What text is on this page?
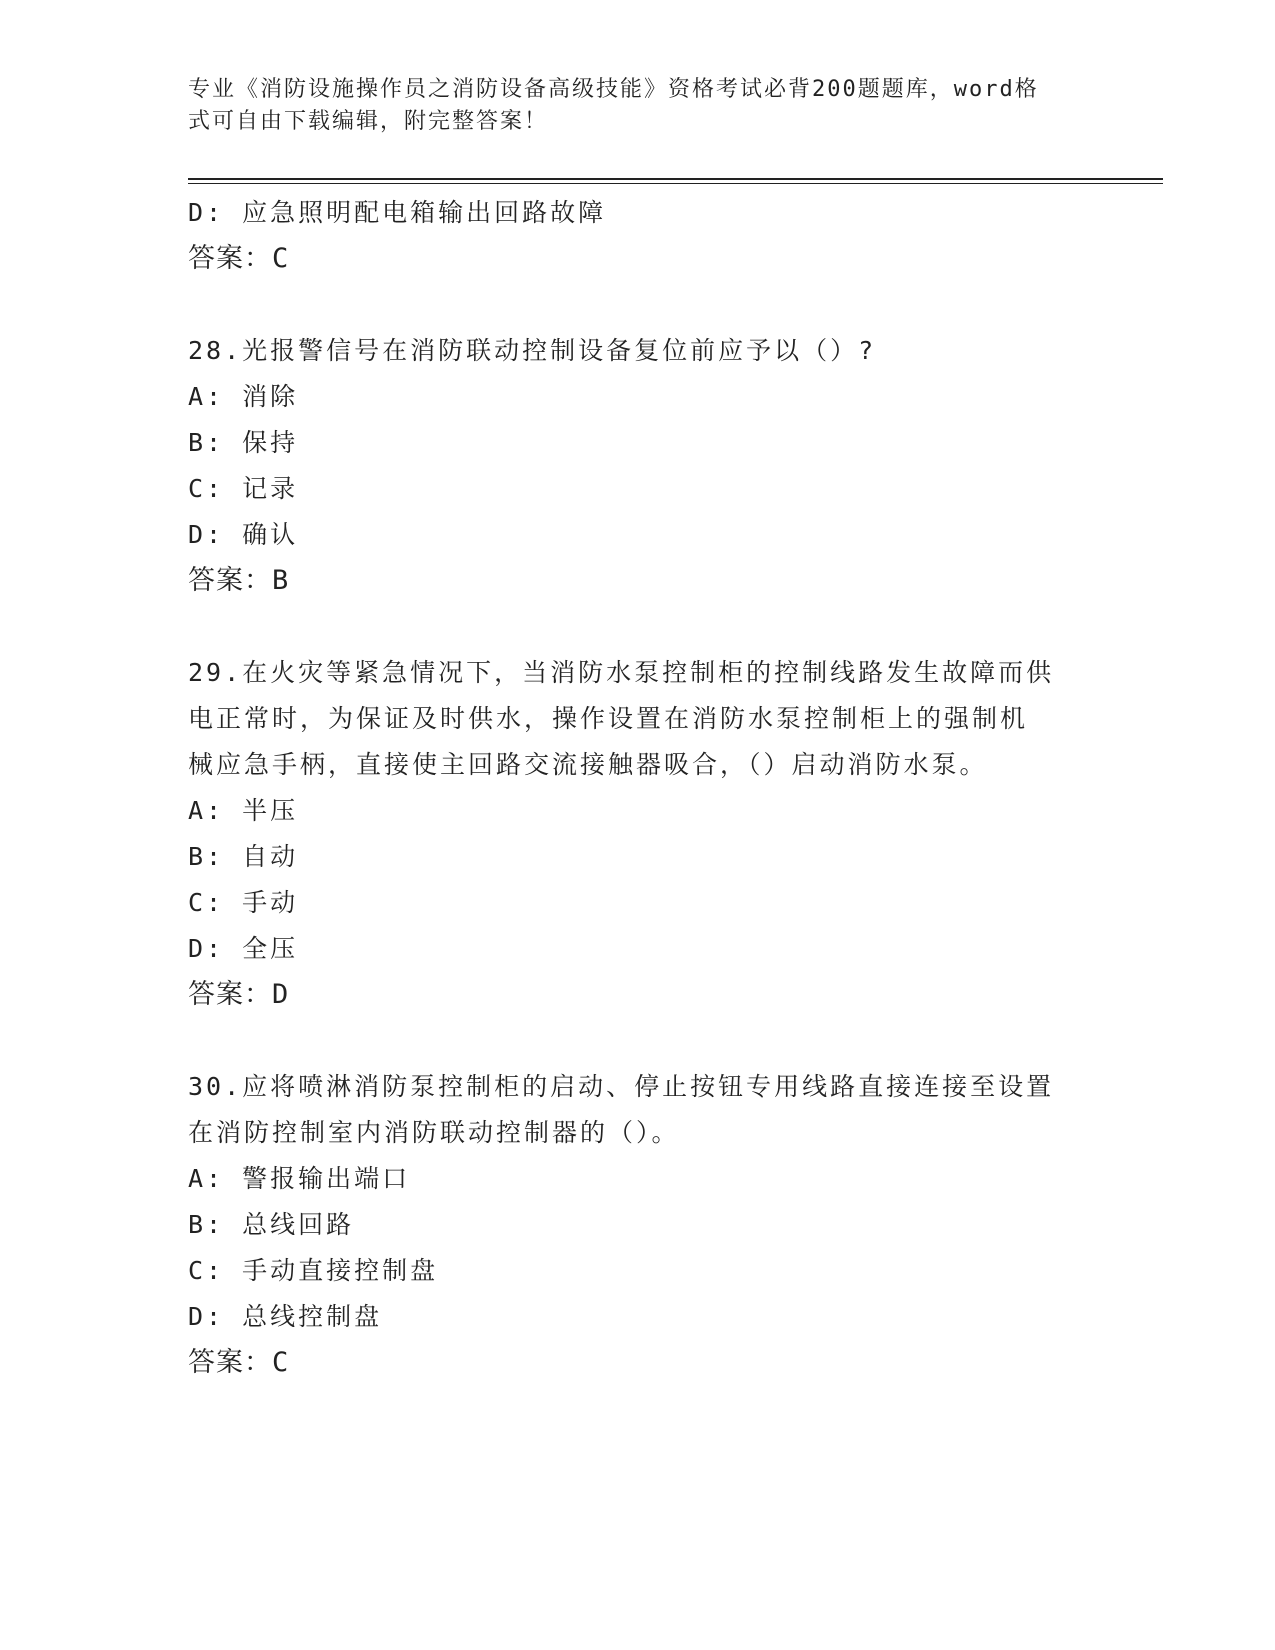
专业《消防设施操作员之消防设备高级技能》资格考试必背200题题库，word格
式可自由下载编辑，附完整答案！
D: 应急照明配电箱输出回路故障
答案：C
28.光报警信号在消防联动控制设备复位前应予以（）?
A: 消除
B: 保持
C: 记录
D: 确认
答案：B
29.在火灾等紧急情况下，当消防水泵控制柜的控制线路发生故障而供
电正常时，为保证及时供水，操作设置在消防水泵控制柜上的强制机
械应急手柄，直接使主回路交流接触器吸合，（）启动消防水泵。
A: 半压
B: 自动
C: 手动
D: 全压
答案：D
30.应将喷淋消防泵控制柜的启动、停止按钮专用线路直接连接至设置
在消防控制室内消防联动控制器的（）。
A: 警报输出端口
B: 总线回路
C: 手动直接控制盘
D: 总线控制盘
答案：C
